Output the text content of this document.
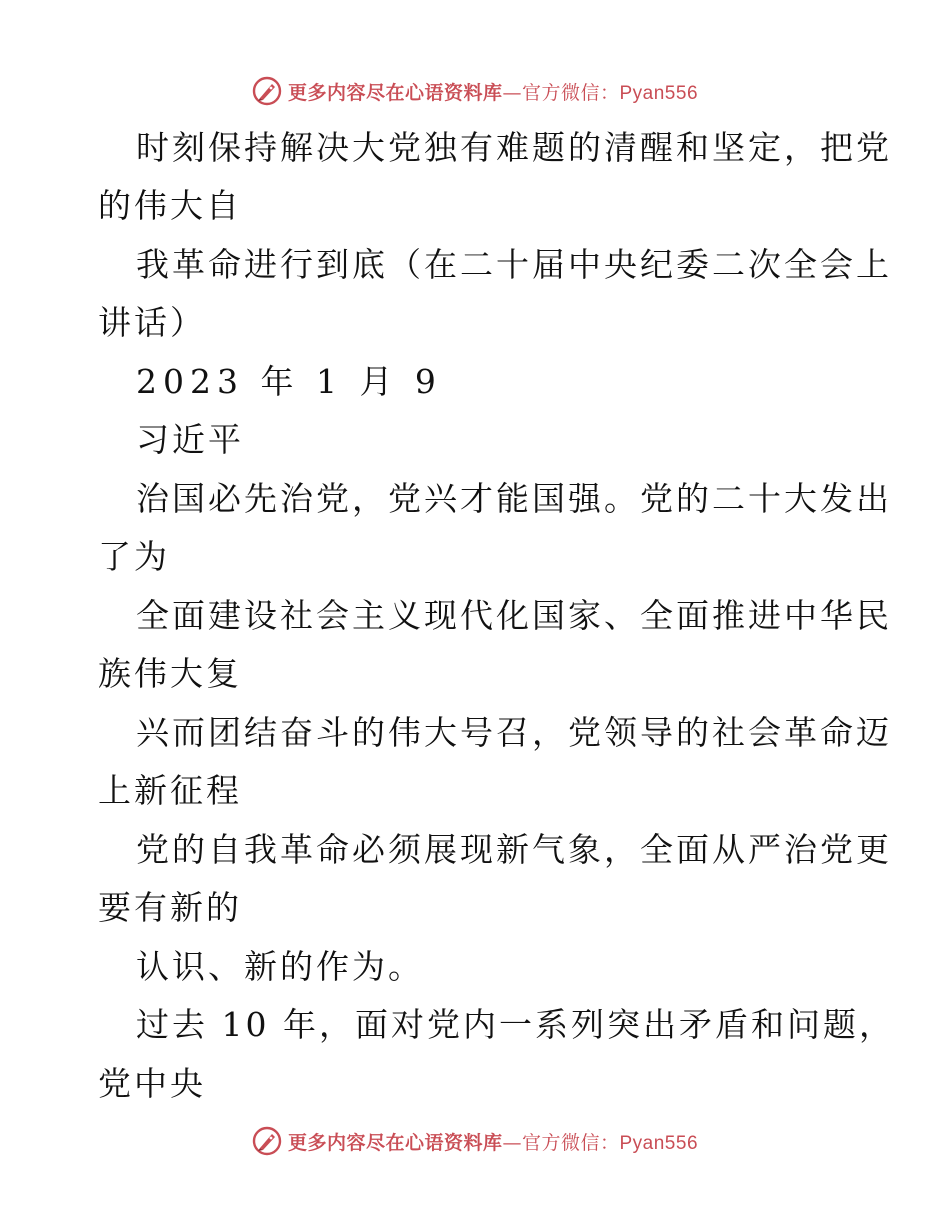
更多内容尽在心语资料库—官方微信：Pyan556
时刻保持解决大党独有难题的清醒和坚定，把党
的伟大自
我革命进行到底（在二十届中央纪委二次全会上
讲话）
2023 年 1 月 9
习近平
治国必先治党，党兴才能国强。党的二十大发出
了为
全面建设社会主义现代化国家、全面推进中华民
族伟大复
兴而团结奋斗的伟大号召，党领导的社会革命迈
上新征程
党的自我革命必须展现新气象，全面从严治党更
要有新的
认识、新的作为。
过去 10 年，面对党内一系列突出矛盾和问题，
党中央
更多内容尽在心语资料库—官方微信：Pyan556
